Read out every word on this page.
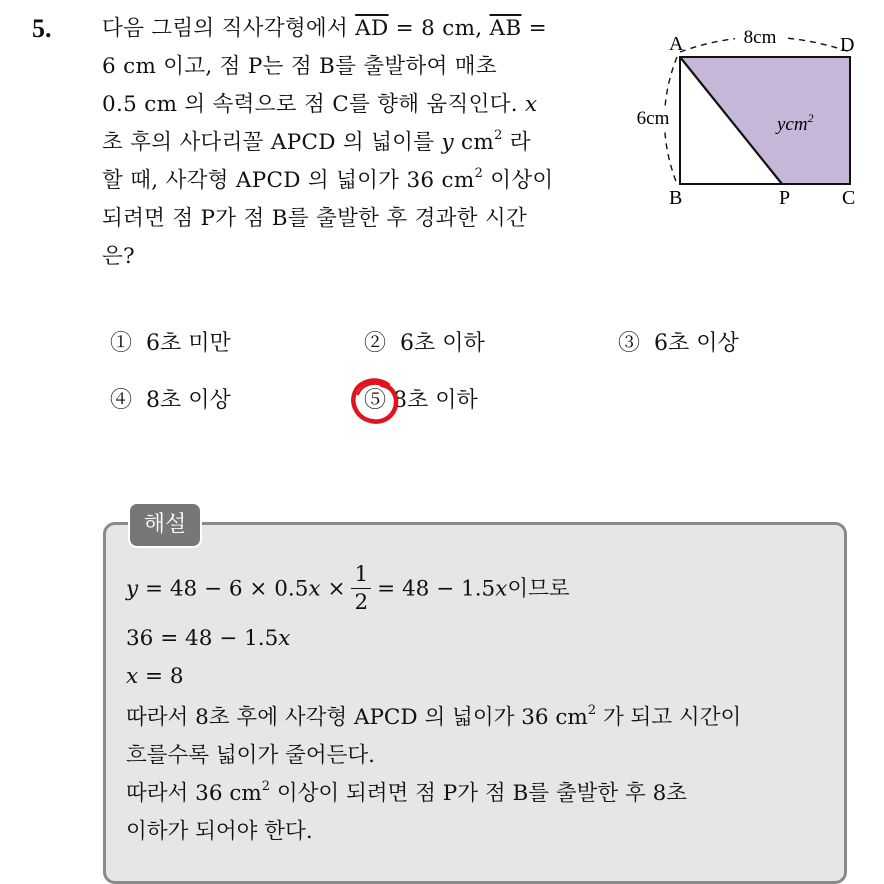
5. 다음 그림의 직사각형에서 $\overline{AD} = 8$ cm, $\overline{AB}$ =
6 cm 이고, 점 P는 점 B를 출발하여 매초
0.5 cm 의 속력으로 점 C를 향해 움직인다. x
초 후의 사다리꼴 APCD 의 넓이를 y $cm^2$ 라
할 때, 사각형 APCD 의 넓이가 36 $cm^2$ 이상이
되려면 점 P가 점 B를 출발한 후 경과한 시간
은?
8cm
6cm	ycm$^2$
A	D
B	P	C
① 6초 미만	② 6초 이하	③ 6초 이상
④ 8초 이상	⑤ 8초 이하
해설
$y = 48 - 6 \times 0.5x \times \frac{1}{2} = 48 - 1.5x$이므로
36 = 48 − 1.5x
x = 8
따라서 8초 후에 사각형 APCD 의 넓이가 36 $cm^2$ 가 되고 시간이
흐를수록 넓이가 줄어든다.
따라서 36 $cm^2$ 이상이 되려면 점 P가 점 B를 출발한 후 8초
이하가 되어야 한다.
